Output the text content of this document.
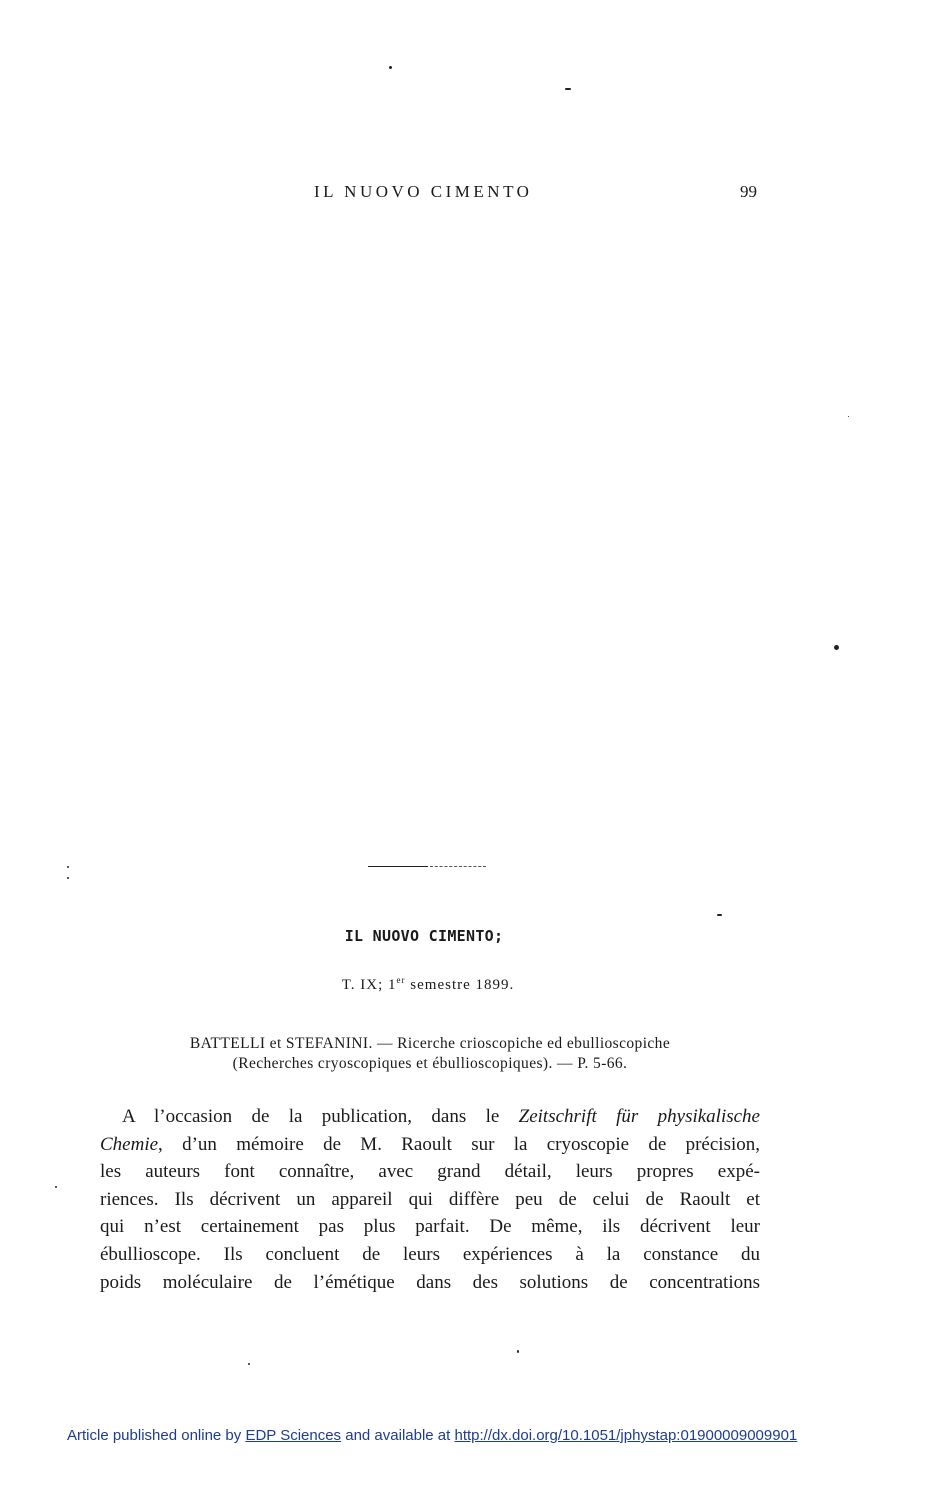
IL NUOVO CIMENTO	99
IL NUOVO CIMENTO;
T. IX; 1er semestre 1899.
BATTELLI et STEFANINI. — Ricerche crioscopiche ed ebullioscopiche
(Recherches cryoscopiques et ébullioscopiques). — P. 5-66.
A l’occasion de la publication, dans le Zeitschrift für physikalische
Chemie, d’un mémoire de M. Raoult sur la cryoscopie de précision,
les auteurs font connaître, avec grand détail, leurs propres expé-
riences. Ils décrivent un appareil qui diffère peu de celui de Raoult et
qui n’est certainement pas plus parfait. De même, ils décrivent leur
ébullioscope. Ils concluent de leurs expériences à la constance du
poids moléculaire de l’émétique dans des solutions de concentrations
Article published online by EDP Sciences and available at http://dx.doi.org/10.1051/jphystap:01900009009901
